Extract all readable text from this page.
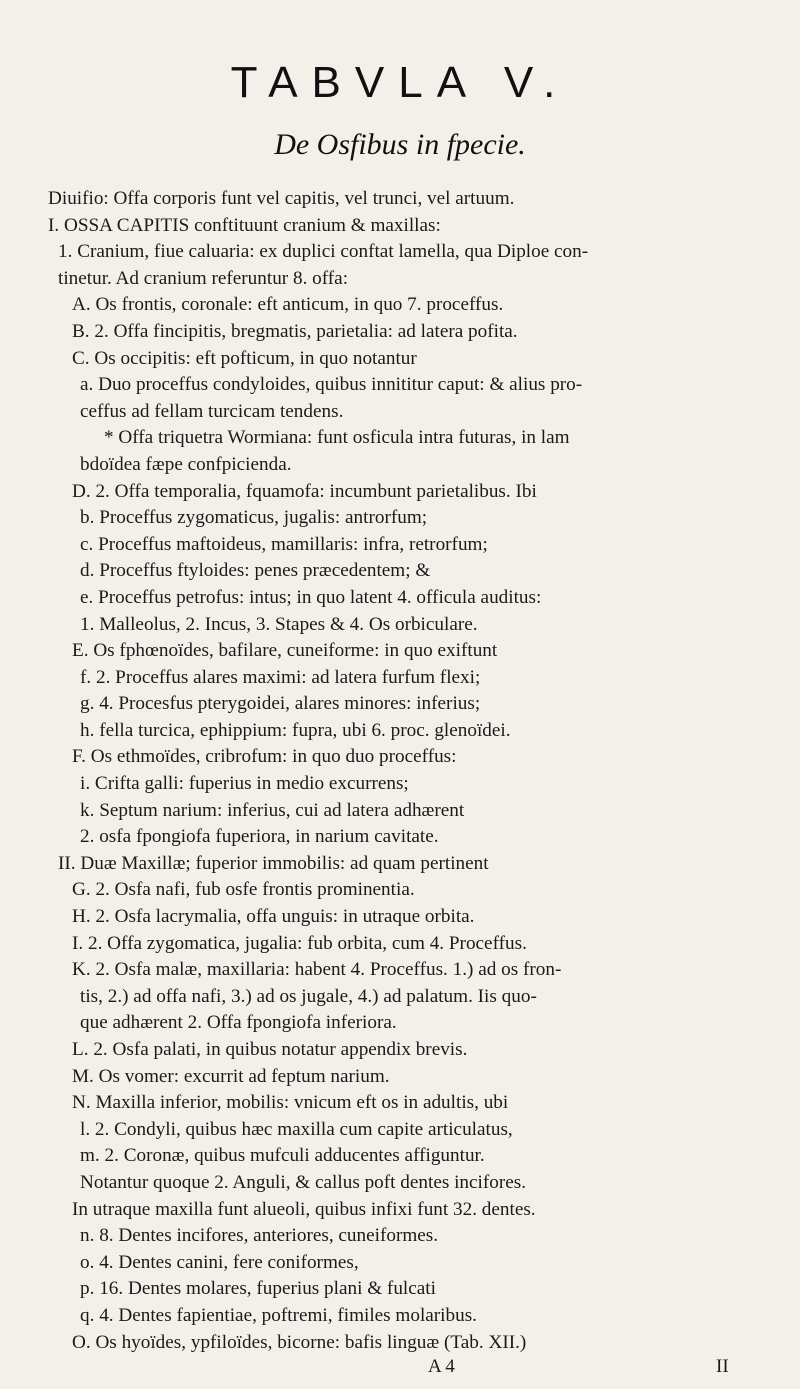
TABVLA V.
De Osfibus in fpecie.
Diuifio: Offa corporis funt vel capitis, vel trunci, vel artuum.
I. OSSA CAPITIS conftituunt cranium & maxillas:
1. Cranium, fiue caluaria: ex duplici conftat lamella, qua Diploe con-
tinetur. Ad cranium referuntur 8. offa:
A. Os frontis, coronale: eft anticum, in quo 7. proceffus.
B. 2. Offa fincipitis, bregmatis, parietalia: ad latera pofita.
C. Os occipitis: eft pofticum, in quo notantur
a. Duo proceffus condyloides, quibus innititur caput: & alius pro-
ceffus ad fellam turcicam tendens.
* Offa triquetra Wormiana: funt osficula intra futuras, in lam
bdoïdea fæpe confpicienda.
D. 2. Offa temporalia, fquamofa: incumbunt parietalibus. Ibi
b. Proceffus zygomaticus, jugalis: antrorfum;
c. Proceffus maftoideus, mamillaris: infra, retrorfum;
d. Proceffus ftyloides: penes præcedentem; &
e. Proceffus petrofus: intus; in quo latent 4. officula auditus:
1. Malleolus, 2. Incus, 3. Stapes & 4. Os orbiculare.
E. Os fphœnoïdes, bafilare, cuneiforme: in quo exiftunt
f. 2. Proceffus alares maximi: ad latera furfum flexi;
g. 4. Procesfus pterygoidei, alares minores: inferius;
h. fella turcica, ephippium: fupra, ubi 6. proc. glenoïdei.
F. Os ethmoïdes, cribrofum: in quo duo proceffus:
i. Crifta galli: fuperius in medio excurrens;
k. Septum narium: inferius, cui ad latera adhærent
2. osfa fpongiofa fuperiora, in narium cavitate.
II. Duæ Maxillæ; fuperior immobilis: ad quam pertinent
G. 2. Osfa nafi, fub osfe frontis prominentia.
H. 2. Osfa lacrymalia, offa unguis: in utraque orbita.
I. 2. Offa zygomatica, jugalia: fub orbita, cum 4. Proceffus.
K. 2. Osfa malæ, maxillaria: habent 4. Proceffus. 1.) ad os fron-
tis, 2.) ad offa nafi, 3.) ad os jugale, 4.) ad palatum. Iis quo-
que adhærent 2. Offa fpongiofa inferiora.
L. 2. Osfa palati, in quibus notatur appendix brevis.
M. Os vomer: excurrit ad feptum narium.
N. Maxilla inferior, mobilis: vnicum eft os in adultis, ubi
l. 2. Condyli, quibus hæc maxilla cum capite articulatus,
m. 2. Coronæ, quibus mufculi adducentes affiguntur.
Notantur quoque 2. Anguli, & callus poft dentes incifores.
In utraque maxilla funt alueoli, quibus infixi funt 32. dentes.
n. 8. Dentes incifores, anteriores, cuneiformes.
o. 4. Dentes canini, fere coniformes,
p. 16. Dentes molares, fuperius plani & fulcati
q. 4. Dentes fapientiae, poftremi, fimiles molaribus.
O. Os hyoïdes, ypfiloïdes, bicorne: bafis linguæ (Tab. XII.)
A 4	II
